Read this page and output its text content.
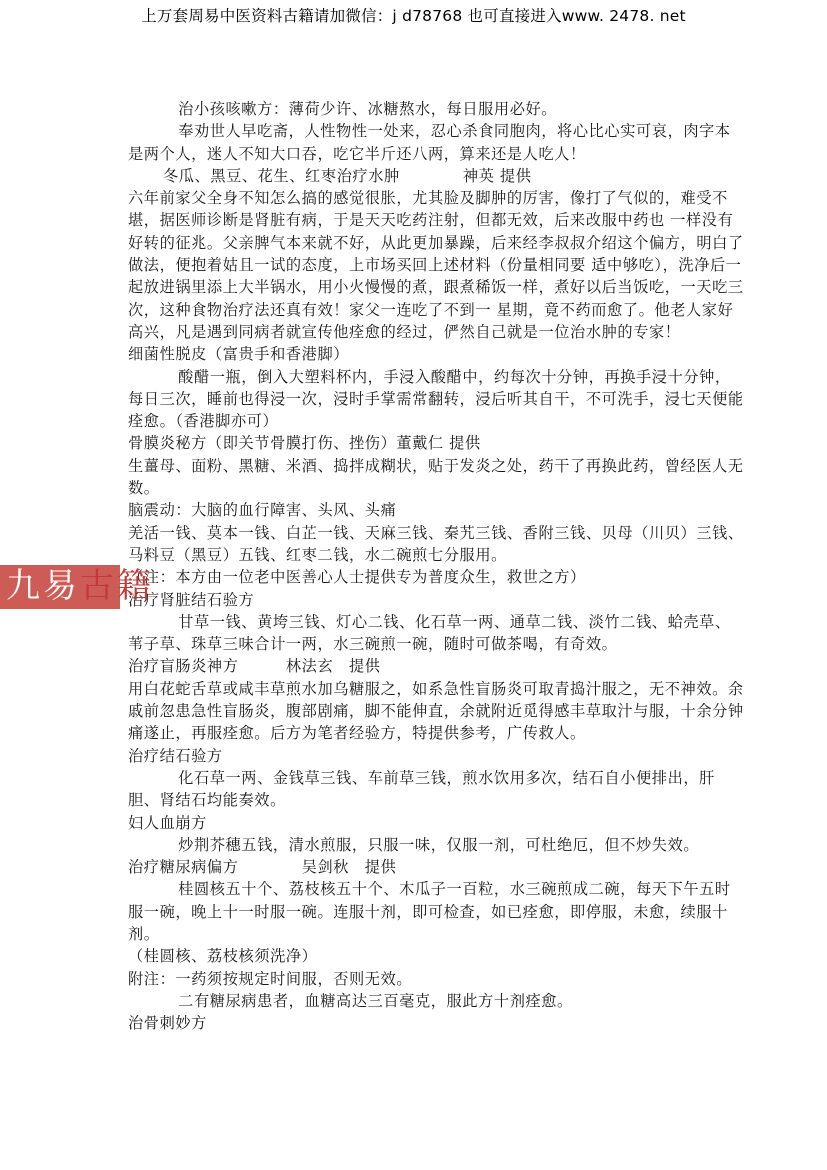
上万套周易中医资料古籍请加微信：j d78768 也可直接进入www. 2478. net

治小孩咳嗽方：薄荷少许、冰糖熬水，每日服用必好。

奉劝世人早吃斋，人性物性一处来，忍心杀食同胞肉，将心比心实可哀，肉字本是两个人，迷人不知大口吞，吃它半斤还八两，算来还是人吃人！

冬瓜、黑豆、花生、红枣治疗水肿　　　　神英 提供

六年前家父全身不知怎么搞的感觉很胀，尤其脸及脚肿的厉害，像打了气似的，难受不堪，据医师诊断是肾脏有病，于是天天吃药注射，但都无效，后来改服中药也 一样没有好转的征兆。父亲脾气本来就不好，从此更加暴躁，后来经李叔叔介绍这个偏方，明白了做法，便抱着姑且一试的态度，上市场买回上述材料（份量相同要 适中够吃），洗净后一起放进锅里添上大半锅水，用小火慢慢的煮，跟煮稀饭一样，煮好以后当饭吃，一天吃三次，这种食物治疗法还真有效！家父一连吃了不到一 星期，竟不药而愈了。他老人家好高兴，凡是遇到同病者就宣传他痊愈的经过，俨然自己就是一位治水肿的专家！

细菌性脱皮（富贵手和香港脚）

酸醋一瓶，倒入大塑料杯内，手浸入酸醋中，约每次十分钟，再换手浸十分钟，每日三次，睡前也得浸一次，浸时手掌需常翻转，浸后听其自干，不可洗手，浸七天便能痊愈。（香港脚亦可）

骨膜炎秘方（即关节骨膜打伤、挫伤）董戴仁 提供

生薑母、面粉、黑糖、米酒、捣拌成糊状，贴于发炎之处，药干了再换此药，曾经医人无数。

脑震动：大脑的血行障害、头风、头痛

羌活一钱、莫本一钱、白芷一钱、天麻三钱、秦艽三钱、香附三钱、贝母（川贝）三钱、马料豆（黑豆）五钱、红枣二钱，水二碗煎七分服用。

（注：本方由一位老中医善心人士提供专为普度众生，救世之方）

治疗肾脏结石验方

甘草一钱、黄垮三钱、灯心二钱、化石草一两、通草二钱、淡竹二钱、蛤壳草、苇子草、珠草三味合计一两，水三碗煎一碗，随时可做茶喝，有奇效。

治疗盲肠炎神方　　　林法玄　提供

用白花蛇舌草或咸丰草煎水加乌糖服之，如系急性盲肠炎可取青捣汁服之，无不神效。余戚前忽患急性盲肠炎，腹部剧痛，脚不能伸直，余就附近觅得感丰草取汁与服，十余分钟痛遂止，再服痊愈。后方为笔者经验方，特提供参考，广传救人。

治疗结石验方

化石草一两、金钱草三钱、车前草三钱，煎水饮用多次，结石自小便排出，肝胆、肾结石均能奏效。

妇人血崩方

炒荆芥穗五钱，清水煎服，只服一味，仅服一剂，可杜绝厄，但不炒失效。

治疗糖尿病偏方　　　　吴剑秋　提供

桂圆核五十个、荔枝核五十个、木瓜子一百粒，水三碗煎成二碗，每天下午五时服一碗，晚上十一时服一碗。连服十剂，即可检查，如已痊愈，即停服，未愈，续服十剂。

（桂圆核、荔枝核须洗净）

附注：一药须按规定时间服，否则无效。

二有糖尿病患者，血糖高达三百毫克，服此方十剂痊愈。

治骨刺妙方

九易古籍
